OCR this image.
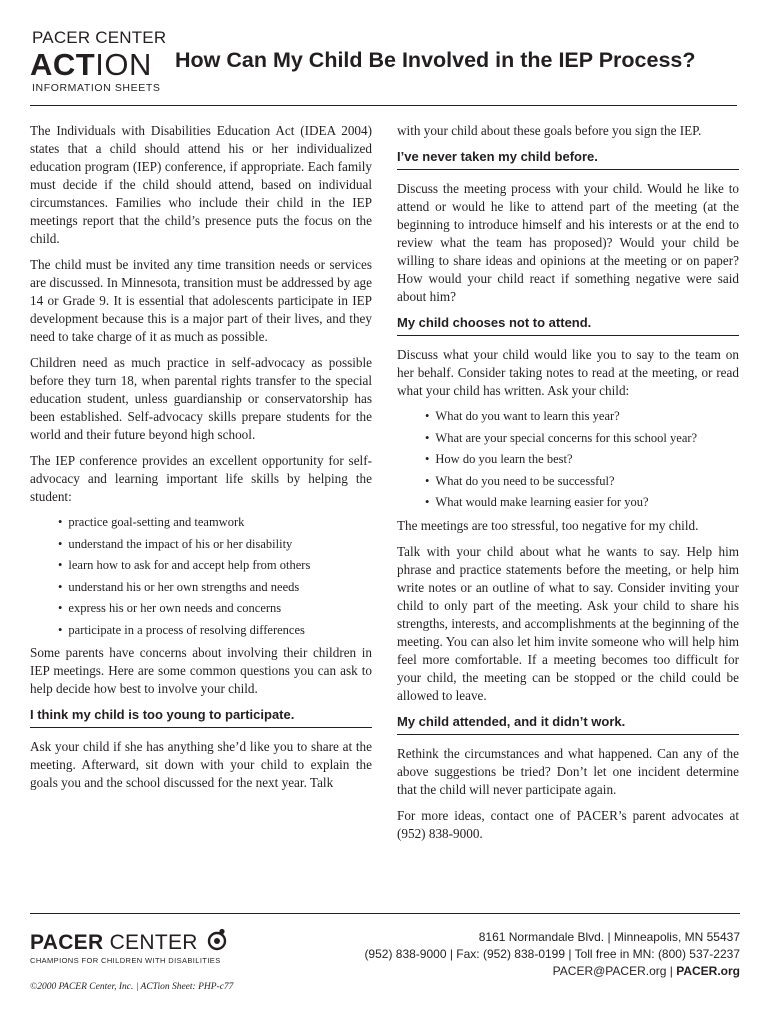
PACER CENTER
ACTION
INFORMATION SHEETS
How Can My Child Be Involved in the IEP Process?

The Individuals with Disabilities Education Act (IDEA 2004) states that a child should attend his or her individualized education program (IEP) conference, if appropriate. Each family must decide if the child should attend, based on individual circumstances. Families who include their child in the IEP meetings report that the child’s presence puts the focus on the child.

The child must be invited any time transition needs or services are discussed. In Minnesota, transition must be addressed by age 14 or Grade 9. It is essential that adolescents participate in IEP development because this is a major part of their lives, and they need to take charge of it as much as possible.

Children need as much practice in self-advocacy as possible before they turn 18, when parental rights transfer to the special education student, unless guardianship or conservatorship has been established. Self-advocacy skills prepare students for the world and their future beyond high school.

The IEP conference provides an excellent opportunity for self-advocacy and learning important life skills by helping the student:

• practice goal-setting and teamwork
• understand the impact of his or her disability
• learn how to ask for and accept help from others
• understand his or her own strengths and needs
• express his or her own needs and concerns
• participate in a process of resolving differences

Some parents have concerns about involving their children in IEP meetings. Here are some common questions you can ask to help decide how best to involve your child.

I think my child is too young to participate.

Ask your child if she has anything she’d like you to share at the meeting. Afterward, sit down with your child to explain the goals you and the school discussed for the next year. Talk

with your child about these goals before you sign the IEP.

I’ve never taken my child before.

Discuss the meeting process with your child. Would he like to attend or would he like to attend part of the meeting (at the beginning to introduce himself and his interests or at the end to review what the team has proposed)? Would your child be willing to share ideas and opinions at the meeting or on paper? How would your child react if something negative were said about him?

My child chooses not to attend.

Discuss what your child would like you to say to the team on her behalf. Consider taking notes to read at the meeting, or read what your child has written. Ask your child:

• What do you want to learn this year?
• What are your special concerns for this school year?
• How do you learn the best?
• What do you need to be successful?
• What would make learning easier for you?

The meetings are too stressful, too negative for my child.

Talk with your child about what he wants to say. Help him phrase and practice statements before the meeting, or help him write notes or an outline of what to say. Consider inviting your child to only part of the meeting. Ask your child to share his strengths, interests, and accomplishments at the beginning of the meeting. You can also let him invite someone who will help him feel more comfortable. If a meeting becomes too difficult for your child, the meeting can be stopped or the child could be allowed to leave.

My child attended, and it didn’t work.

Rethink the circumstances and what happened. Can any of the above suggestions be tried? Don’t let one incident determine that the child will never participate again.

For more ideas, contact one of PACER’s parent advocates at (952) 838-9000.

PACER CENTER
CHAMPIONS FOR CHILDREN WITH DISABILITIES
8161 Normandale Blvd. | Minneapolis, MN 55437
(952) 838-9000 | Fax: (952) 838-0199 | Toll free in MN: (800) 537-2237
PACER@PACER.org | PACER.org
©2000 PACER Center, Inc. | ACTion Sheet: PHP-c77
